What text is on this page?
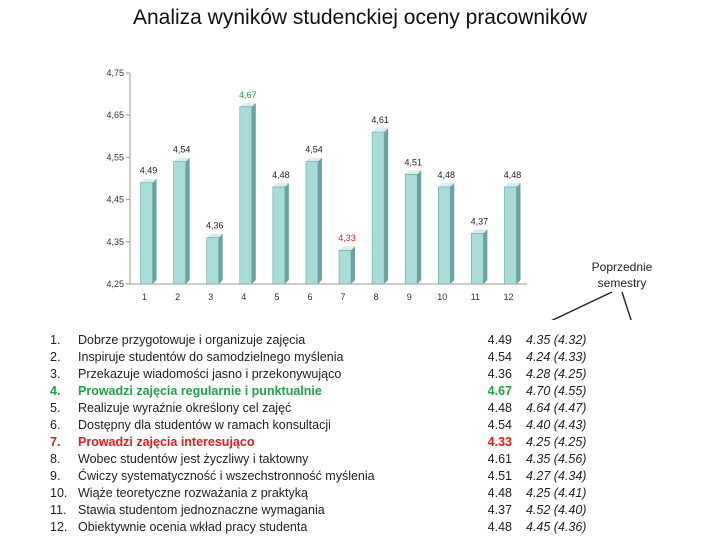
Analiza wyników studenckiej oceny pracowników
4,25
4,35
4,45
4,55
4,65
4,75
4,49
1
4,54
2
4,36
3
4,67
4
4,48
5
4,54
6
4,33
7
4,61
8
4,51
9
4,48
10
4,37
11
4,48
12
Poprzednie semestry
1. Dobrze przygotowuje i organizuje zajęcia	4.49 4.35 (4.32)
2. Inspiruje studentów do samodzielnego myślenia	4.54 4.24 (4.33)
3. Przekazuje wiadomości jasno i przekonywująco	4.36 4.28 (4.25)
4. Prowadzi zajęcia regularnie i punktualnie	4.67 4.70 (4.55)
5. Realizuje wyraźnie określony cel zajęć	4.48 4.64 (4.47)
6. Dostępny dla studentów w ramach konsultacji	4.54 4.40 (4.43)
7. Prowadzi zajęcia interesująco	4.33 4.25 (4.25)
8. Wobec studentów jest życzliwy i taktowny	4.61 4.35 (4.56)
9. Ćwiczy systematyczność i wszechstronność myślenia	4.51 4.27 (4.34)
10. Wiąże teoretyczne rozważania z praktyką	4.48 4.25 (4.41)
11. Stawia studentom jednoznaczne wymagania	4.37 4.52 (4.40)
12. Obiektywnie ocenia wkład pracy studenta	4.48 4.45 (4.36)
